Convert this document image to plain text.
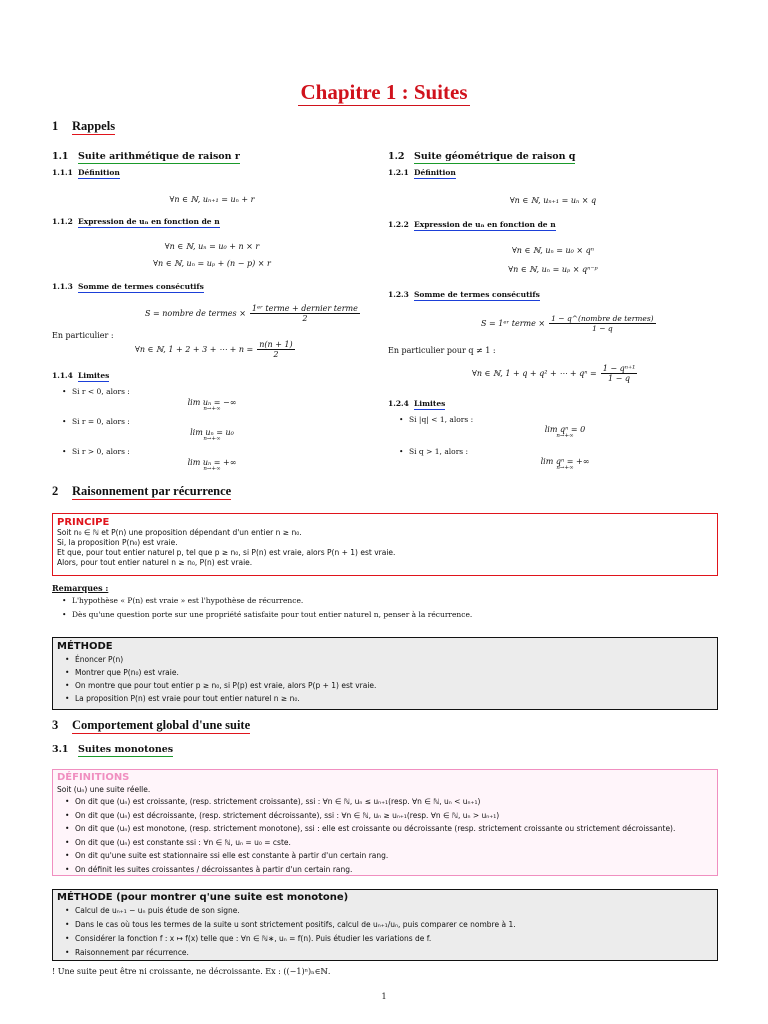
Chapitre 1 : Suites
1 Rappels
1.1 Suite arithmétique de raison r
1.1.1 Définition
∀n ∈ ℕ, uₙ₊₁ = uₙ + r
1.1.2 Expression de uₙ en fonction de n
∀n ∈ ℕ, uₙ = u₀ + n × r
∀n ∈ ℕ, uₙ = uₚ + (n − p) × r
1.1.3 Somme de termes consécutifs
S = nombre de termes ×
1ᵉʳ terme + dernier terme
2
En particulier :
∀n ∈ ℕ, 1 + 2 + 3 + ⋯ + $n = \frac{n(n + 1)}{2}$
1.1.4 Limites
• Si r < 0, alors :
lim uₙ = −∞
n→+∞
• Si r = 0, alors :
lim uₙ = u₀
n→+∞
• Si r > 0, alors :
lim uₙ = +∞
n→+∞
1.2 Suite géométrique de raison q
1.2.1 Définition
∀n ∈ ℕ, uₙ₊₁ = uₙ × q
1.2.2 Expression de uₙ en fonction de n
∀n ∈ ℕ, uₙ = u₀ × qⁿ
∀n ∈ ℕ, uₙ = uₚ × qⁿ⁻ᵖ
1.2.3 Somme de termes consécutifs
S = 1ᵉʳ terme ×
1 − q^(nombre de termes)
1 − q
En particulier pour q ≠ 1 :
∀n ∈ ℕ, 1 + q + q² + ⋯ + $q^n = \frac{\text{1 − qⁿ⁺¹}}{1 - q}$
1.2.4 Limites
• Si |q| < 1, alors :
lim qⁿ = 0
n→+∞
• Si q > 1, alors :
lim qⁿ = +∞
n→+∞
2 Raisonnement par récurrence
PRINCIPE
Soit n₀ ∈ ℕ et P(n) une proposition dépendant d'un entier n ≥ n₀.
Si, la proposition P(n₀) est vraie.
Et que, pour tout entier naturel p, tel que p ≥ n₀, si P(n) est vraie, alors P(n + 1) est vraie.
Alors, pour tout entier naturel n ≥ n₀, P(n) est vraie.
Remarques :
• L'hypothèse « P(n) est vraie » est l'hypothèse de récurrence.
• Dès qu'une question porte sur une propriété satisfaite pour tout entier naturel n, penser à la récurrence.
MÉTHODE
• Énoncer P(n)
• Montrer que P(n₀) est vraie.
• On montre que pour tout entier p ≥ n₀, si P(p) est vraie, alors P(p + 1) est vraie.
• La proposition P(n) est vraie pour tout entier naturel n ≥ n₀.
3 Comportement global d'une suite
3.1 Suites monotones
DÉFINITIONS
Soit (uₙ) une suite réelle.
• On dit que (uₙ) est croissante, (resp. strictement croissante), ssi : ∀n ∈ ℕ, uₙ ≤ uₙ₊₁(resp. ∀n ∈ ℕ, uₙ < uₙ₊₁)
• On dit que (uₙ) est décroissante, (resp. strictement décroissante), ssi : ∀n ∈ ℕ, uₙ ≥ uₙ₊₁(resp. ∀n ∈ ℕ, uₙ > uₙ₊₁)
• On dit que (uₙ) est monotone, (resp. strictement monotone), ssi : elle est croissante ou décroissante (resp. strictement croissante ou strictement décroissante).
• On dit que (uₙ) est constante ssi : ∀n ∈ ℕ, uₙ = u₀ = cste.
• On dit qu'une suite est stationnaire ssi elle est constante à partir d'un certain rang.
• On définit les suites croissantes / décroissantes à partir d'un certain rang.
MÉTHODE (pour montrer q'une suite est monotone)
• Calcul de uₙ₊₁ − uₙ puis étude de son signe.
• Dans le cas où tous les termes de la suite u sont strictement positifs, calcul de uₙ₊₁/uₙ, puis comparer ce nombre à 1.
• Considérer la fonction f : x ↦ f(x) telle que : ∀n ∈ ℕ∗, uₙ = f(n). Puis étudier les variations de f.
• Raisonnement par récurrence.
! Une suite peut être ni croissante, ne décroissante. Ex : ((−1)ⁿ)ₙ∈ℕ.
1
